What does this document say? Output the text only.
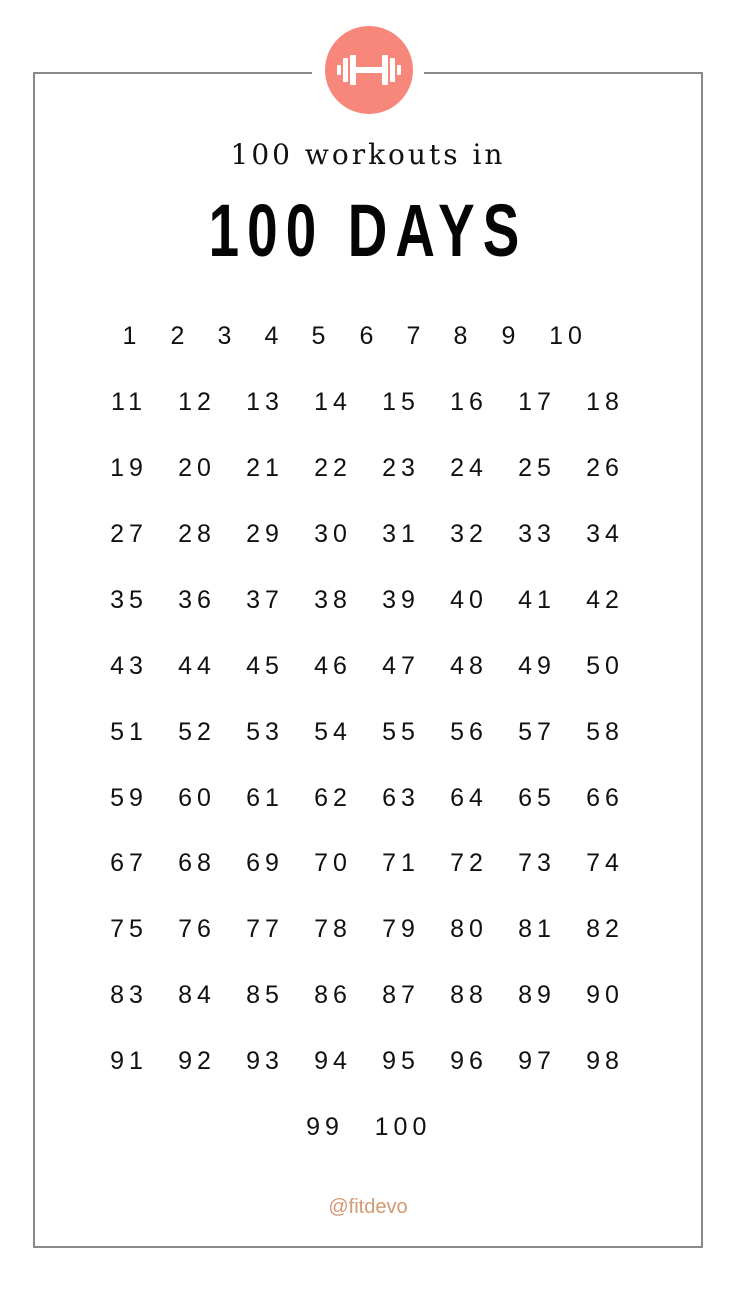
100 workouts in
100 DAYS
1 2 3 4 5 6 7 8 9 10
11 12 13 14 15 16 17 18
19 20 21 22 23 24 25 26
27 28 29 30 31 32 33 34
35 36 37 38 39 40 41 42
43 44 45 46 47 48 49 50
51 52 53 54 55 56 57 58
59 60 61 62 63 64 65 66
67 68 69 70 71 72 73 74
75 76 77 78 79 80 81 82
83 84 85 86 87 88 89 90
91 92 93 94 95 96 97 98
99 100
@fitdevo
